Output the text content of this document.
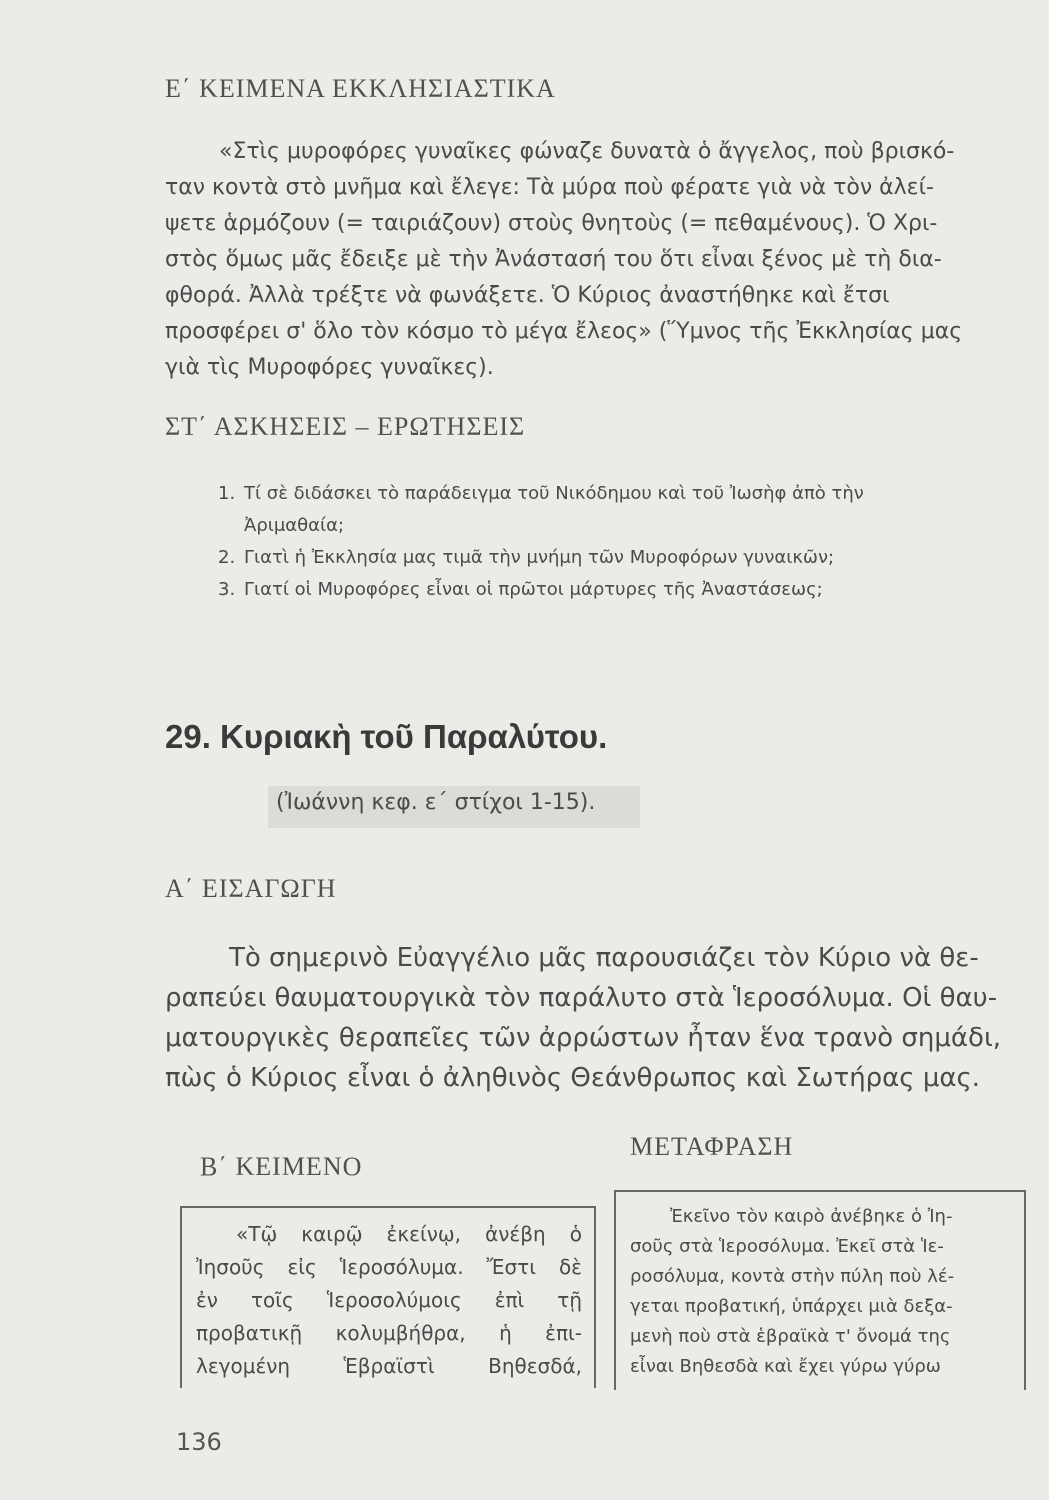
Ε΄ ΚΕΙΜΕΝΑ ΕΚΚΛΗΣΙΑΣΤΙΚΑ
«Στὶς μυροφόρες γυναῖκες φώναζε δυνατὰ ὁ ἄγγελος, ποὺ βρισκό-
ταν κοντὰ στὸ μνῆμα καὶ ἔλεγε: Τὰ μύρα ποὺ φέρατε γιὰ νὰ τὸν ἀλεί-
ψετε ἁρμόζουν (= ταιριάζουν) στοὺς θνητοὺς (= πεθαμένους). Ὁ Χρι-
στὸς ὅμως μᾶς ἔδειξε μὲ τὴν Ἀνάστασή του ὅτι εἶναι ξένος μὲ τὴ δια-
φθορά. Ἀλλὰ τρέξτε νὰ φωνάξετε. Ὁ Κύριος ἀναστήθηκε καὶ ἔτσι
προσφέρει σ' ὅλο τὸν κόσμο τὸ μέγα ἔλεος» (Ὕμνος τῆς Ἐκκλησίας μας
γιὰ τὶς Μυροφόρες γυναῖκες).
ΣΤ΄ ΑΣΚΗΣΕΙΣ – ΕΡΩΤΗΣΕΙΣ
1. Τί σὲ διδάσκει τὸ παράδειγμα τοῦ Νικόδημου καὶ τοῦ Ἰωσὴφ ἀπὸ τὴν
Ἀριμαθαία;
2. Γιατὶ ἡ Ἐκκλησία μας τιμᾶ τὴν μνήμη τῶν Μυροφόρων γυναικῶν;
3. Γιατί οἱ Μυροφόρες εἶναι οἱ πρῶτοι μάρτυρες τῆς Ἀναστάσεως;
29. Κυριακὴ τοῦ Παραλύτου.
(Ἰωάννη κεφ. ε΄ στίχοι 1-15).
Α΄ ΕΙΣΑΓΩΓΗ
Τὸ σημερινὸ Εὐαγγέλιο μᾶς παρουσιάζει τὸν Κύριο νὰ θε-
ραπεύει θαυματουργικὰ τὸν παράλυτο στὰ Ἱεροσόλυμα. Οἱ θαυ-
ματουργικὲς θεραπεῖες τῶν ἀρρώστων ἦταν ἕνα τρανὸ σημάδι,
πὼς ὁ Κύριος εἶναι ὁ ἀληθινὸς Θεάνθρωπος καὶ Σωτήρας μας.
Β΄ ΚΕΙΜΕΝΟ
ΜΕΤΑΦΡΑΣΗ
«Τῷ καιρῷ ἐκείνῳ, ἀνέβη ὁ
Ἰησοῦς εἰς Ἱεροσόλυμα. Ἔστι δὲ
ἐν τοῖς Ἱεροσολύμοις ἐπὶ τῇ
προβατικῇ κολυμβήθρα, ἡ ἐπι-
λεγομένη Ἑβραϊστὶ Βηθεσδά,
Ἐκεῖνο τὸν καιρὸ ἀνέβηκε ὁ Ἰη-
σοῦς στὰ Ἱεροσόλυμα. Ἐκεῖ στὰ Ἱε-
ροσόλυμα, κοντὰ στὴν πύλη ποὺ λέ-
γεται προβατική, ὑπάρχει μιὰ δεξα-
μενὴ ποὺ στὰ ἑβραϊκὰ τ' ὄνομά της
εἶναι Βηθεσδὰ καὶ ἔχει γύρω γύρω
136
